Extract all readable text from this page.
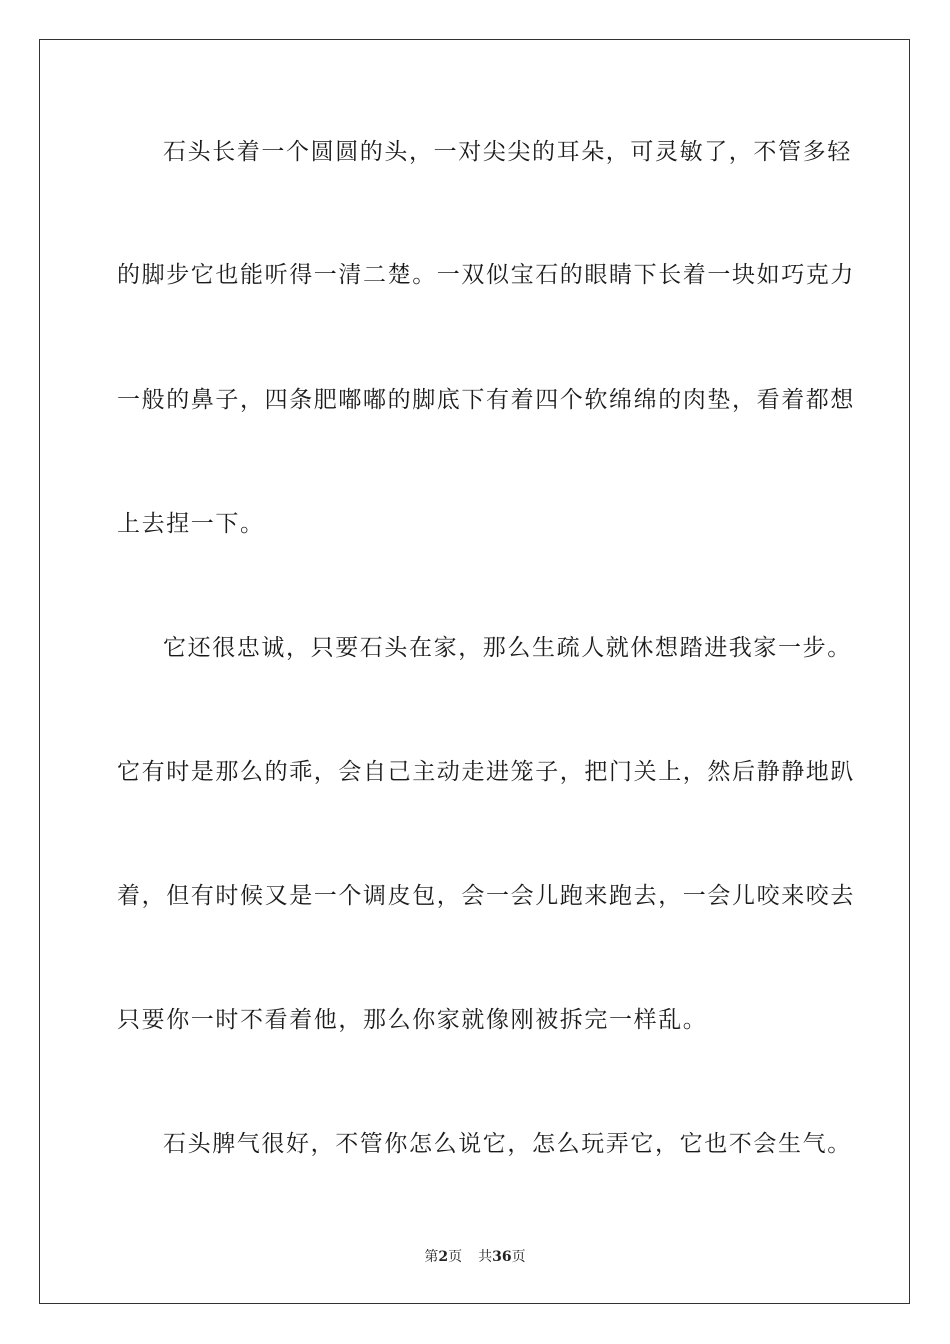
石头长着一个圆圆的头，一对尖尖的耳朵，可灵敏了，不管多轻
的脚步它也能听得一清二楚。一双似宝石的眼睛下长着一块如巧克力
一般的鼻子，四条肥嘟嘟的脚底下有着四个软绵绵的肉垫，看着都想
上去捏一下。
它还很忠诚，只要石头在家，那么生疏人就休想踏进我家一步。
它有时是那么的乖，会自己主动走进笼子，把门关上，然后静静地趴
着，但有时候又是一个调皮包，会一会儿跑来跑去，一会儿咬来咬去
只要你一时不看着他，那么你家就像刚被拆完一样乱。
石头脾气很好，不管你怎么说它，怎么玩弄它，它也不会生气。
第2页 共36页
